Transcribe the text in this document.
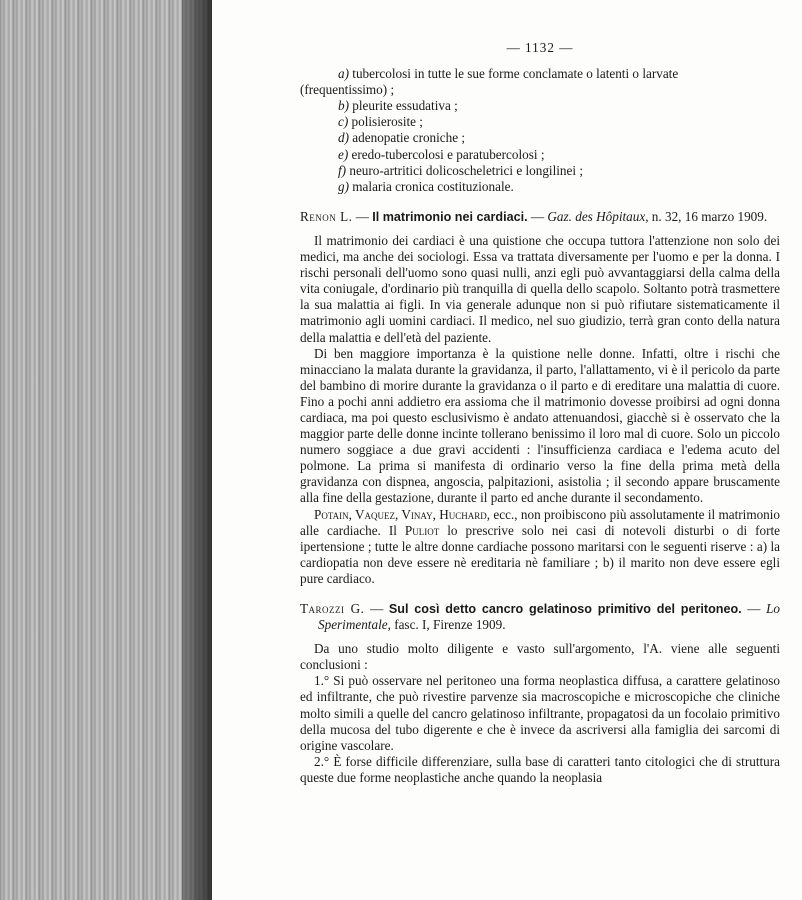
— 1132 —
a) tubercolosi in tutte le sue forme conclamate o latenti o larvate
(frequentissimo) ;
b) pleurite essudativa ;
c) polisierosite ;
d) adenopatie croniche ;
e) eredo-tubercolosi e paratubercolosi ;
f) neuro-artritici dolicoscheletrici e longilinei ;
g) malaria cronica costituzionale.
Renon L. — Il matrimonio nei cardiaci. — Gaz. des Hôpitaux, n. 32, 16 marzo 1909.

Il matrimonio dei cardiaci è una quistione che occupa tuttora l'attenzione non solo dei medici, ma anche dei sociologi. Essa va trattata diversamente per l'uomo e per la donna. I rischi personali dell'uomo sono quasi nulli, anzi egli può avvantaggiarsi della calma della vita coniugale, d'ordinario più tranquilla di quella dello scapolo. Soltanto potrà trasmettere la sua malattia ai figli. In via generale adunque non si può rifiutare sistematicamente il matrimonio agli uomini cardiaci. Il medico, nel suo giudizio, terrà gran conto della natura della malattia e dell'età del paziente.

Di ben maggiore importanza è la quistione nelle donne. Infatti, oltre i rischi che minacciano la malata durante la gravidanza, il parto, l'allattamento, vi è il pericolo da parte del bambino di morire durante la gravidanza o il parto e di ereditare una malattia di cuore. Fino a pochi anni addietro era assioma che il matrimonio dovesse proibirsi ad ogni donna cardiaca, ma poi questo esclusivismo è andato attenuandosi, giacchè si è osservato che la maggior parte delle donne incinte tollerano benissimo il loro mal di cuore. Solo un piccolo numero soggiace a due gravi accidenti : l'insufficienza cardiaca e l'edema acuto del polmone. La prima si manifesta di ordinario verso la fine della prima metà della gravidanza con dispnea, angoscia, palpitazioni, asistolia ; il secondo appare bruscamente alla fine della gestazione, durante il parto ed anche durante il secondamento.

Potain, Vaquez, Vinay, Huchard, ecc., non proibiscono più assolutamente il matrimonio alle cardiache. Il Puliot lo prescrive solo nei casi di notevoli disturbi o di forte ipertensione ; tutte le altre donne cardiache possono maritarsi con le seguenti riserve : a) la cardiopatia non deve essere nè ereditaria nè familiare ; b) il marito non deve essere egli pure cardiaco.

Tarozzi G. — Sul così detto cancro gelatinoso primitivo del peritoneo. — Lo Sperimentale, fasc. I, Firenze 1909.

Da uno studio molto diligente e vasto sull'argomento, l'A. viene alle seguenti conclusioni :

1.° Si può osservare nel peritoneo una forma neoplastica diffusa, a carattere gelatinoso ed infiltrante, che può rivestire parvenze sia macroscopiche e microscopiche che cliniche molto simili a quelle del cancro gelatinoso infiltrante, propagatosi da un focolaio primitivo della mucosa del tubo digerente e che è invece da ascriversi alla famiglia dei sarcomi di origine vascolare.

2.° È forse difficile differenziare, sulla base di caratteri tanto citologici che di struttura queste due forme neoplastiche anche quando la neoplasia
